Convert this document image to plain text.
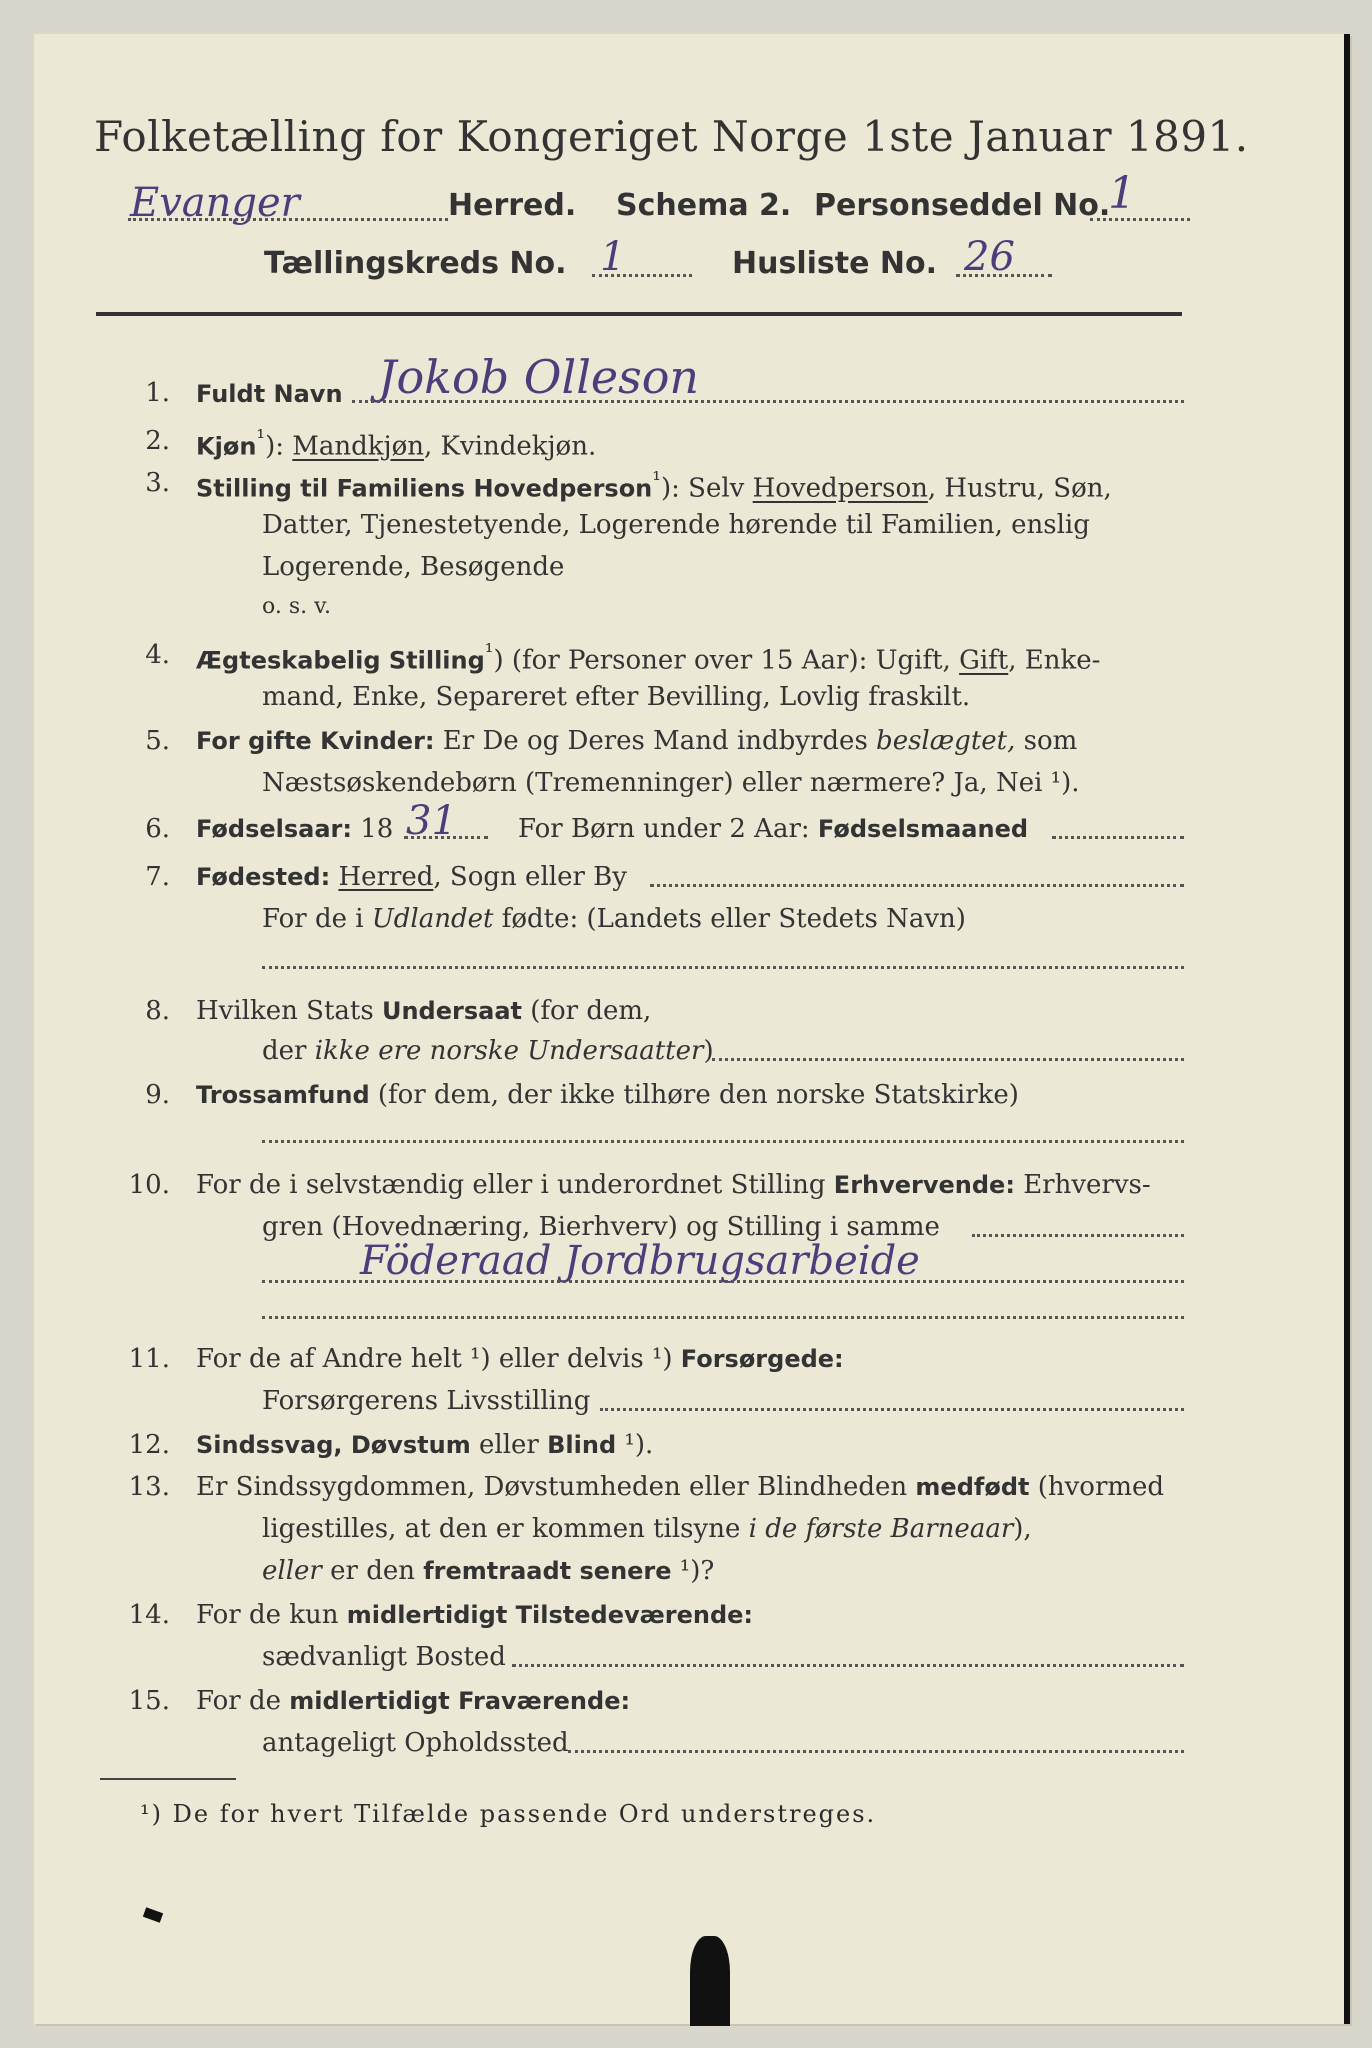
Folketælling for Kongeriget Norge 1ste Januar 1891.
Evanger	Herred. Schema 2. Personseddel No.
1
Tællingskreds No. 1	Husliste No. 26
1. Fuldt Navn Jokob Olleson
2. Kjøn$^{^1}$): Mandkjøn, Kvindekjøn.
3. Stilling til Familiens Hovedperson$^{^1}$): Selv Hovedperson, Hustru, Søn,
Datter, Tjenestetyende, Logerende hørende til Familien, enslig
Logerende, Besøgende
o. s. v.
4. Ægteskabelig Stilling$^{^1}$) (for Personer over 15 Aar): Ugift, Gift, Enke-
mand, Enke, Separeret efter Bevilling, Lovlig fraskilt.
5. For gifte Kvinder: Er De og Deres Mand indbyrdes beslægtet, som
Næstsøskendebørn (Tremenninger) eller nærmere? Ja, Nei ¹).
6. Fødselsaar: 18 31 For Børn under 2 Aar: Fødselsmaaned
7. Fødested: Herred, Sogn eller By
For de i Udlandet fødte: (Landets eller Stedets Navn)
8. Hvilken Stats Undersaat (for dem,
der ikke ere norske Undersaatter)
9. Trossamfund (for dem, der ikke tilhøre den norske Statskirke)
10. For de i selvstændig eller i underordnet Stilling Erhvervende: Erhvervs-
gren (Hovednæring, Bierhverv) og Stilling i samme
Föderaad Jordbrugsarbeide
11. For de af Andre helt ¹) eller delvis ¹) Forsørgede:
Forsørgerens Livsstilling
12. Sindssvag, Døvstum eller Blind ¹).
13. Er Sindssygdommen, Døvstumheden eller Blindheden medfødt (hvormed
ligestilles, at den er kommen tilsyne i de første Barneaar),
eller er den fremtraadt senere ¹)?
14. For de kun midlertidigt Tilstedeværende:
sædvanligt Bosted
15. For de midlertidigt Fraværende:
antageligt Opholdssted
¹) De for hvert Tilfælde passende Ord understreges.
